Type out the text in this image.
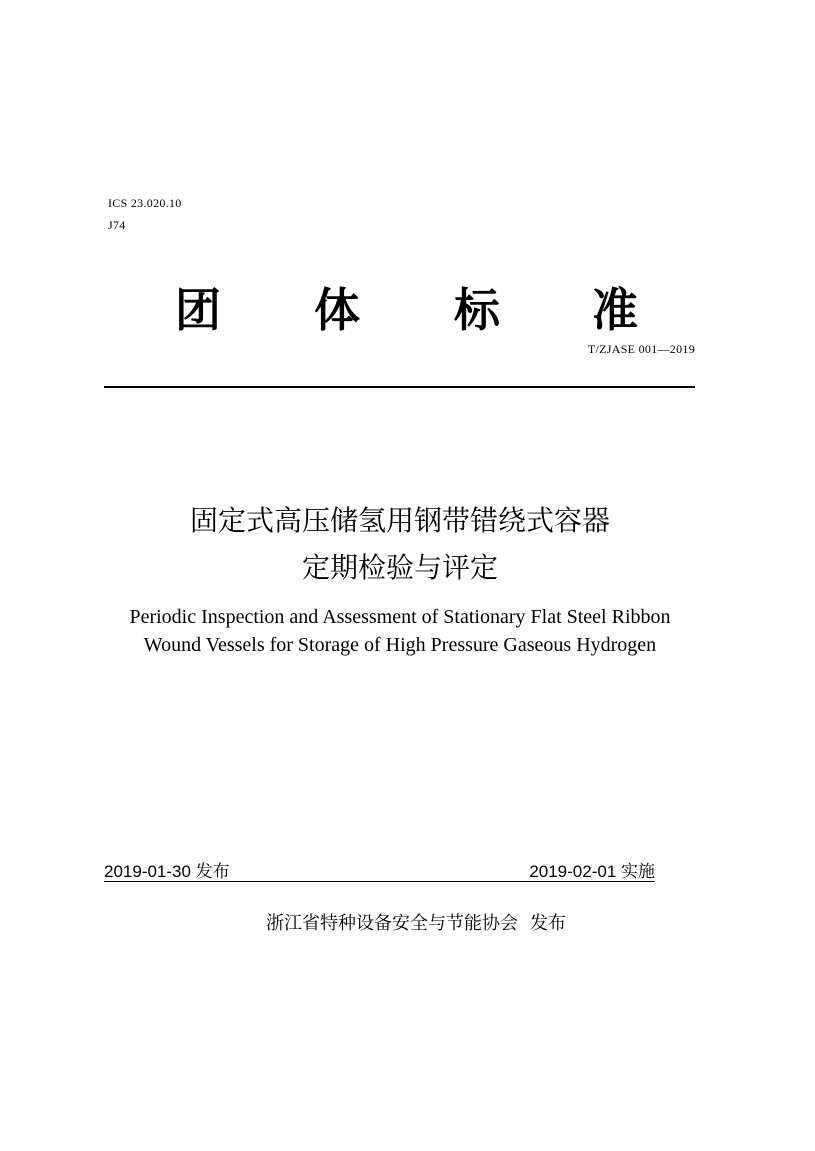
ICS 23.020.10
J74
团 体 标 准
T/ZJASE 001—2019
固定式高压储氢用钢带错绕式容器
定期检验与评定
Periodic Inspection and Assessment of Stationary Flat Steel Ribbon
Wound Vessels for Storage of High Pressure Gaseous Hydrogen
2019-01-30 发布	2019-02-01 实施
浙江省特种设备安全与节能协会 发布
